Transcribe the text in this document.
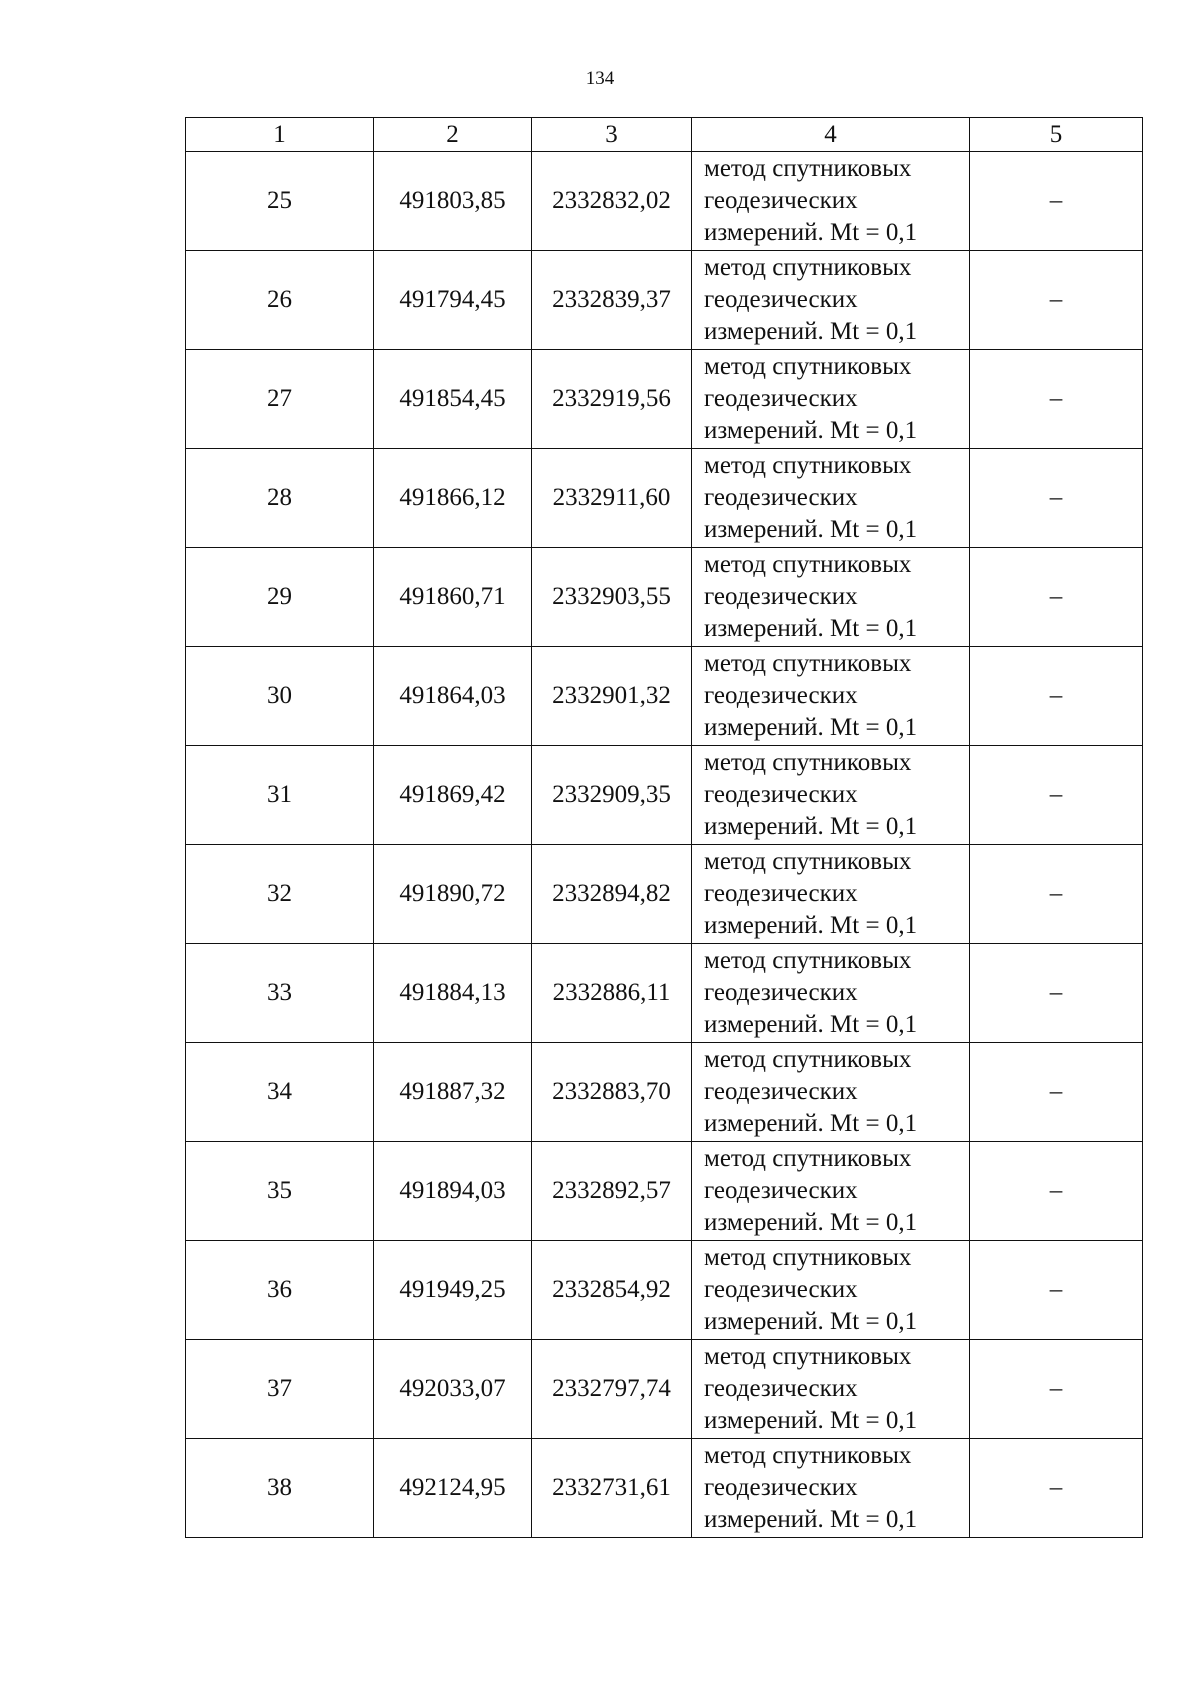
134
1	2	3	4	5
25	491803,85	2332832,02	метод спутниковых
геодезических
измерений. Mt = 0,1	–
26	491794,45	2332839,37	метод спутниковых
геодезических
измерений. Mt = 0,1	–
27	491854,45	2332919,56	метод спутниковых
геодезических
измерений. Mt = 0,1	–
28	491866,12	2332911,60	метод спутниковых
геодезических
измерений. Mt = 0,1	–
29	491860,71	2332903,55	метод спутниковых
геодезических
измерений. Mt = 0,1	–
30	491864,03	2332901,32	метод спутниковых
геодезических
измерений. Mt = 0,1	–
31	491869,42	2332909,35	метод спутниковых
геодезических
измерений. Mt = 0,1	–
32	491890,72	2332894,82	метод спутниковых
геодезических
измерений. Mt = 0,1	–
33	491884,13	2332886,11	метод спутниковых
геодезических
измерений. Mt = 0,1	–
34	491887,32	2332883,70	метод спутниковых
геодезических
измерений. Mt = 0,1	–
35	491894,03	2332892,57	метод спутниковых
геодезических
измерений. Mt = 0,1	–
36	491949,25	2332854,92	метод спутниковых
геодезических
измерений. Mt = 0,1	–
37	492033,07	2332797,74	метод спутниковых
геодезических
измерений. Mt = 0,1	–
38	492124,95	2332731,61	метод спутниковых
геодезических
измерений. Mt = 0,1	–
